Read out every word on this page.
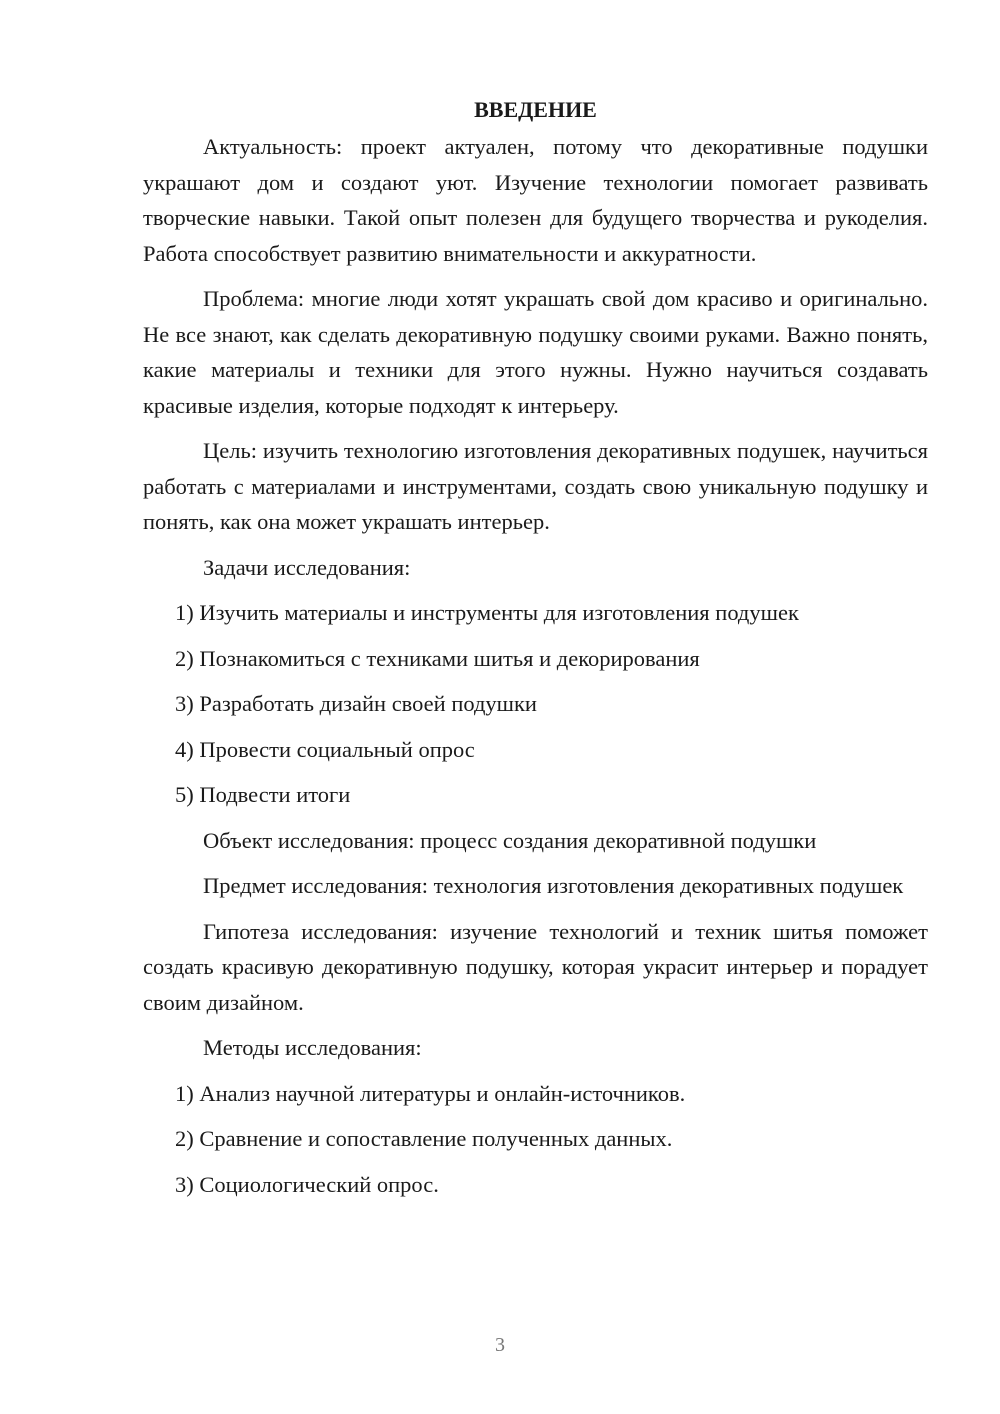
ВВЕДЕНИЕ

Актуальность: проект актуален, потому что декоративные подушки украшают дом и создают уют. Изучение технологии помогает развивать творческие навыки. Такой опыт полезен для будущего творчества и рукоделия. Работа способствует развитию внимательности и аккуратности.

Проблема: многие люди хотят украшать свой дом красиво и оригинально. Не все знают, как сделать декоративную подушку своими руками. Важно понять, какие материалы и техники для этого нужны. Нужно научиться создавать красивые изделия, которые подходят к интерьеру.

Цель: изучить технологию изготовления декоративных подушек, научиться работать с материалами и инструментами, создать свою уникальную подушку и понять, как она может украшать интерьер.

Задачи исследования:

1) Изучить материалы и инструменты для изготовления подушек
2) Познакомиться с техниками шитья и декорирования
3) Разработать дизайн своей подушки
4) Провести социальный опрос
5) Подвести итоги

Объект исследования: процесс создания декоративной подушки

Предмет исследования: технология изготовления декоративных подушек

Гипотеза исследования: изучение технологий и техник шитья поможет создать красивую декоративную подушку, которая украсит интерьер и порадует своим дизайном.

Методы исследования:

1) Анализ научной литературы и онлайн-источников.
2) Сравнение и сопоставление полученных данных.
3) Социологический опрос.
3
